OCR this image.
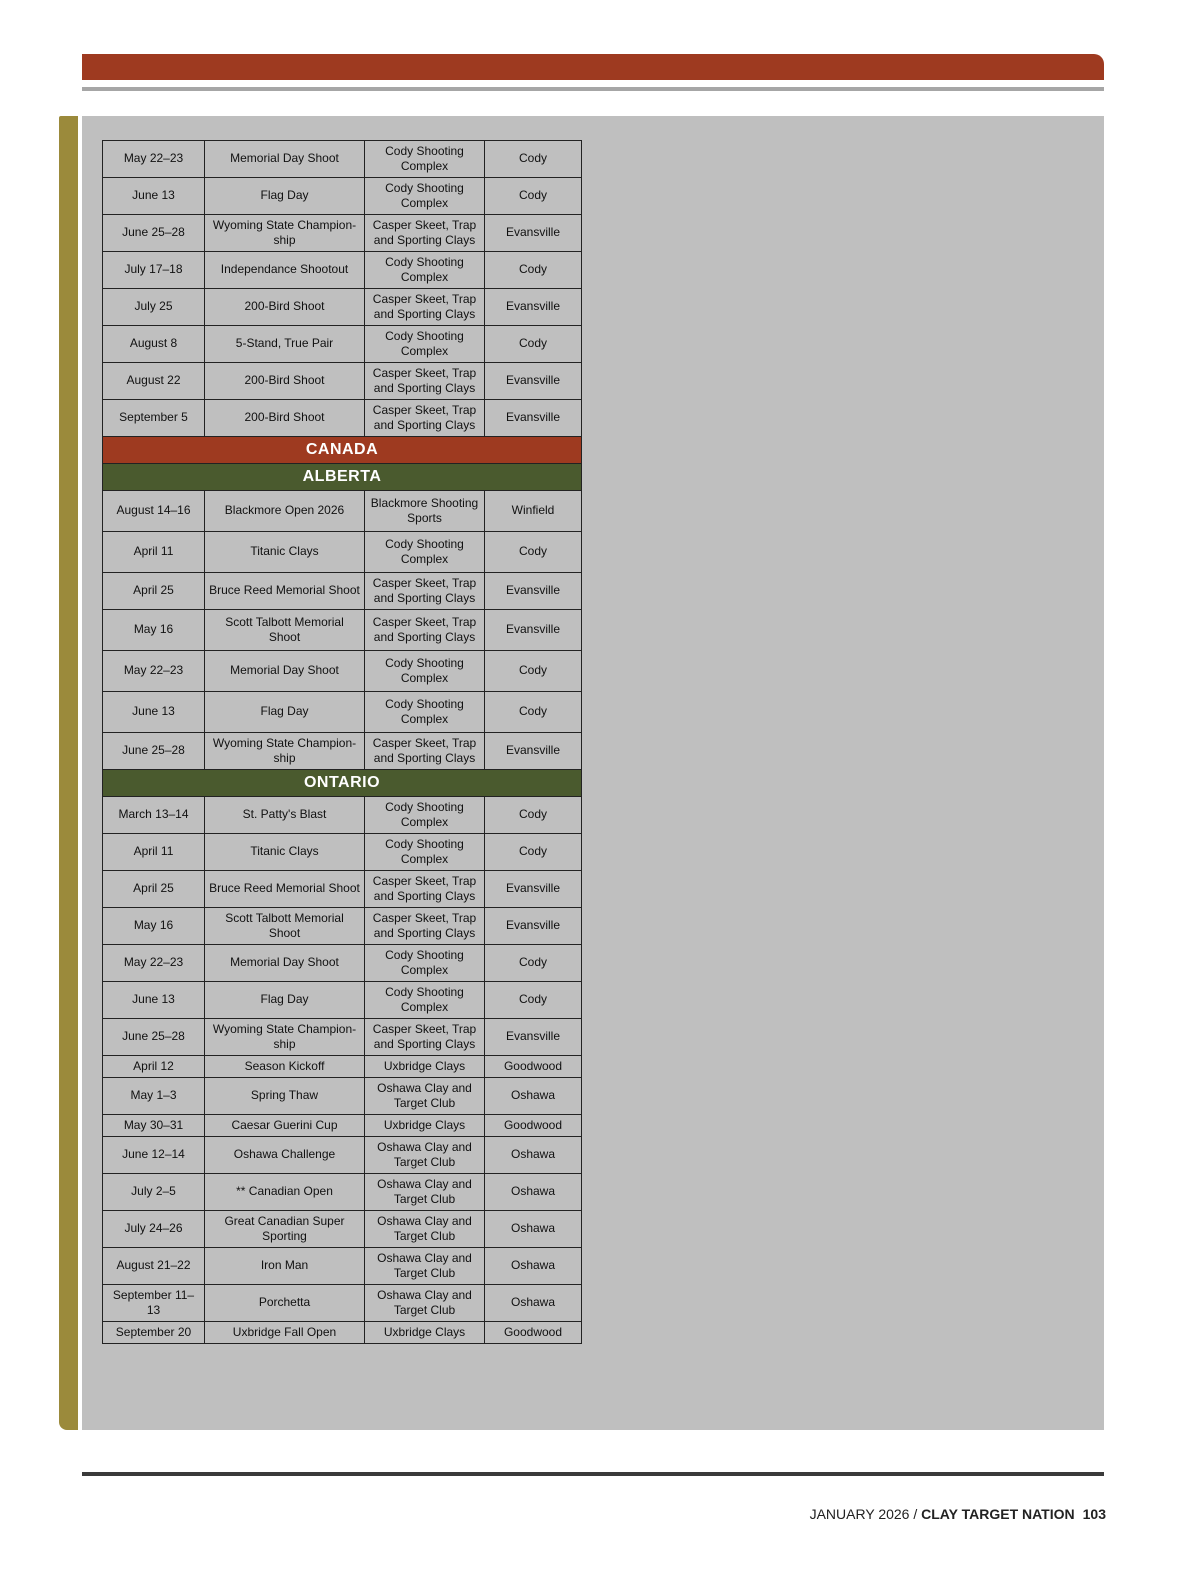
May 22–23	Memorial Day Shoot	Cody Shooting Complex	Cody
June 13	Flag Day	Cody Shooting Complex	Cody
June 25–28	Wyoming State Champion-ship	Casper Skeet, Trap and Sporting Clays	Evansville
July 17–18	Independance Shootout	Cody Shooting Complex	Cody
July 25	200-Bird Shoot	Casper Skeet, Trap and Sporting Clays	Evansville
August 8	5-Stand, True Pair	Cody Shooting Complex	Cody
August 22	200-Bird Shoot	Casper Skeet, Trap and Sporting Clays	Evansville
September 5	200-Bird Shoot	Casper Skeet, Trap and Sporting Clays	Evansville
CANADA			
ALBERTA			
August 14–16	Blackmore Open 2026	Blackmore Shooting Sports	Winfield
April 11	Titanic Clays	Cody Shooting Complex	Cody
April 25	Bruce Reed Memorial Shoot	Casper Skeet, Trap and Sporting Clays	Evansville
May 16	Scott Talbott Memorial Shoot	Casper Skeet, Trap and Sporting Clays	Evansville
May 22–23	Memorial Day Shoot	Cody Shooting Complex	Cody
June 13	Flag Day	Cody Shooting Complex	Cody
June 25–28	Wyoming State Champion-ship	Casper Skeet, Trap and Sporting Clays	Evansville
ONTARIO			
March 13–14	St. Patty's Blast	Cody Shooting Complex	Cody
April 11	Titanic Clays	Cody Shooting Complex	Cody
April 25	Bruce Reed Memorial Shoot	Casper Skeet, Trap and Sporting Clays	Evansville
May 16	Scott Talbott Memorial Shoot	Casper Skeet, Trap and Sporting Clays	Evansville
May 22–23	Memorial Day Shoot	Cody Shooting Complex	Cody
June 13	Flag Day	Cody Shooting Complex	Cody
June 25–28	Wyoming State Champion-ship	Casper Skeet, Trap and Sporting Clays	Evansville
April 12	Season Kickoff	Uxbridge Clays	Goodwood
May 1–3	Spring Thaw	Oshawa Clay and Target Club	Oshawa
May 30–31	Caesar Guerini Cup	Uxbridge Clays	Goodwood
June 12–14	Oshawa Challenge	Oshawa Clay and Target Club	Oshawa
July 2–5	** Canadian Open	Oshawa Clay and Target Club	Oshawa
July 24–26	Great Canadian Super Sporting	Oshawa Clay and Target Club	Oshawa
August 21–22	Iron Man	Oshawa Clay and Target Club	Oshawa
September 11–13	Porchetta	Oshawa Clay and Target Club	Oshawa
September 20	Uxbridge Fall Open	Uxbridge Clays	Goodwood
JANUARY 2026 / CLAY TARGET NATION 103
